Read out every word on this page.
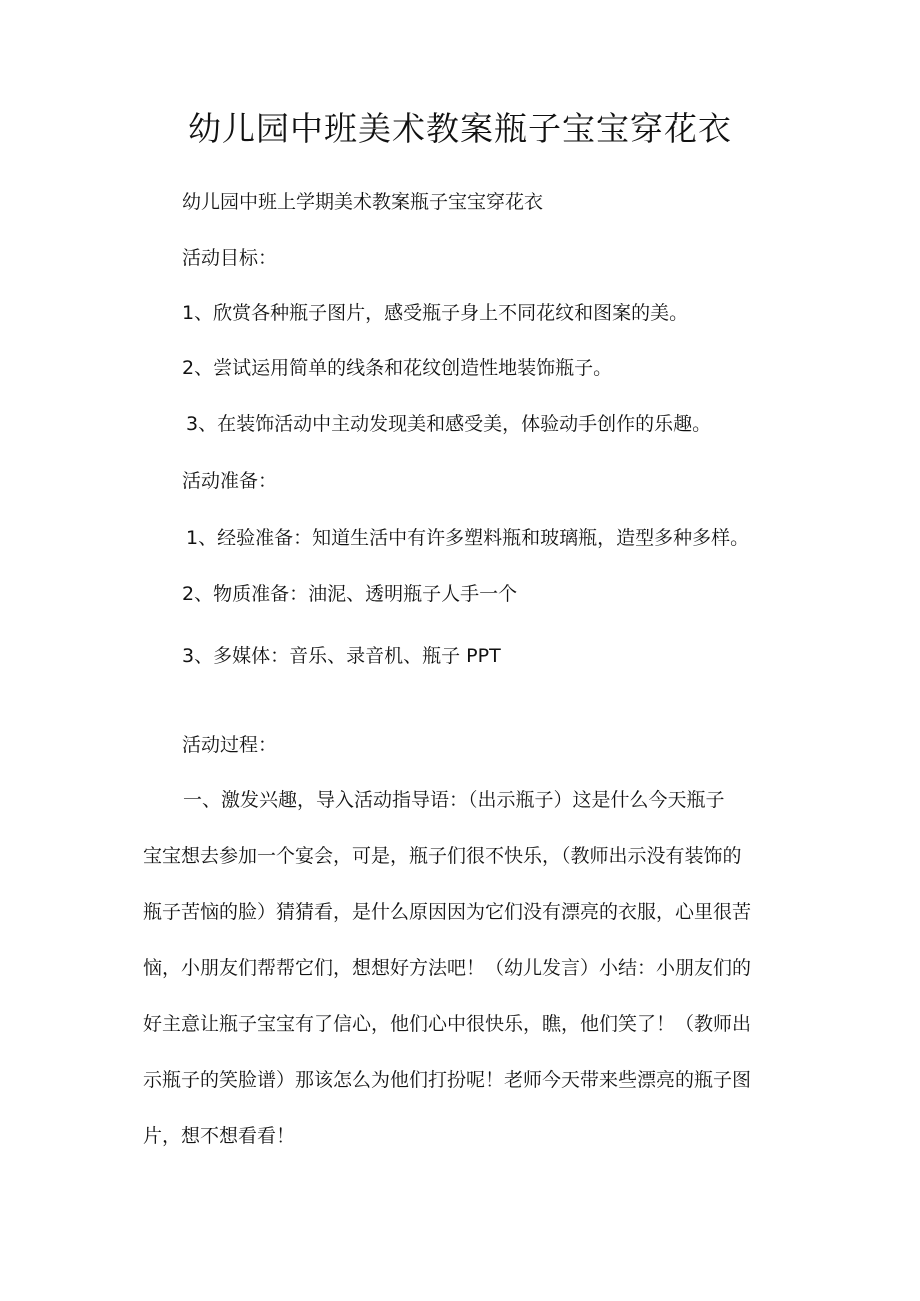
幼儿园中班美术教案瓶子宝宝穿花衣
幼儿园中班上学期美术教案瓶子宝宝穿花衣
活动目标：
1、欣赏各种瓶子图片，感受瓶子身上不同花纹和图案的美。
2、尝试运用简单的线条和花纹创造性地装饰瓶子。
3、在装饰活动中主动发现美和感受美，体验动手创作的乐趣。
活动准备：
1、经验准备：知道生活中有许多塑料瓶和玻璃瓶，造型多种多样。
2、物质准备：油泥、透明瓶子人手一个
3、多媒体：音乐、录音机、瓶子 PPT
活动过程：
一、激发兴趣，导入活动指导语：（出示瓶子）这是什么今天瓶子
宝宝想去参加一个宴会，可是，瓶子们很不快乐，（教师出示没有装饰的
瓶子苦恼的脸）猜猜看，是什么原因因为它们没有漂亮的衣服，心里很苦
恼，小朋友们帮帮它们，想想好方法吧！（幼儿发言）小结：小朋友们的
好主意让瓶子宝宝有了信心，他们心中很快乐，瞧，他们笑了！（教师出
示瓶子的笑脸谱）那该怎么为他们打扮呢！老师今天带来些漂亮的瓶子图
片，想不想看看！
